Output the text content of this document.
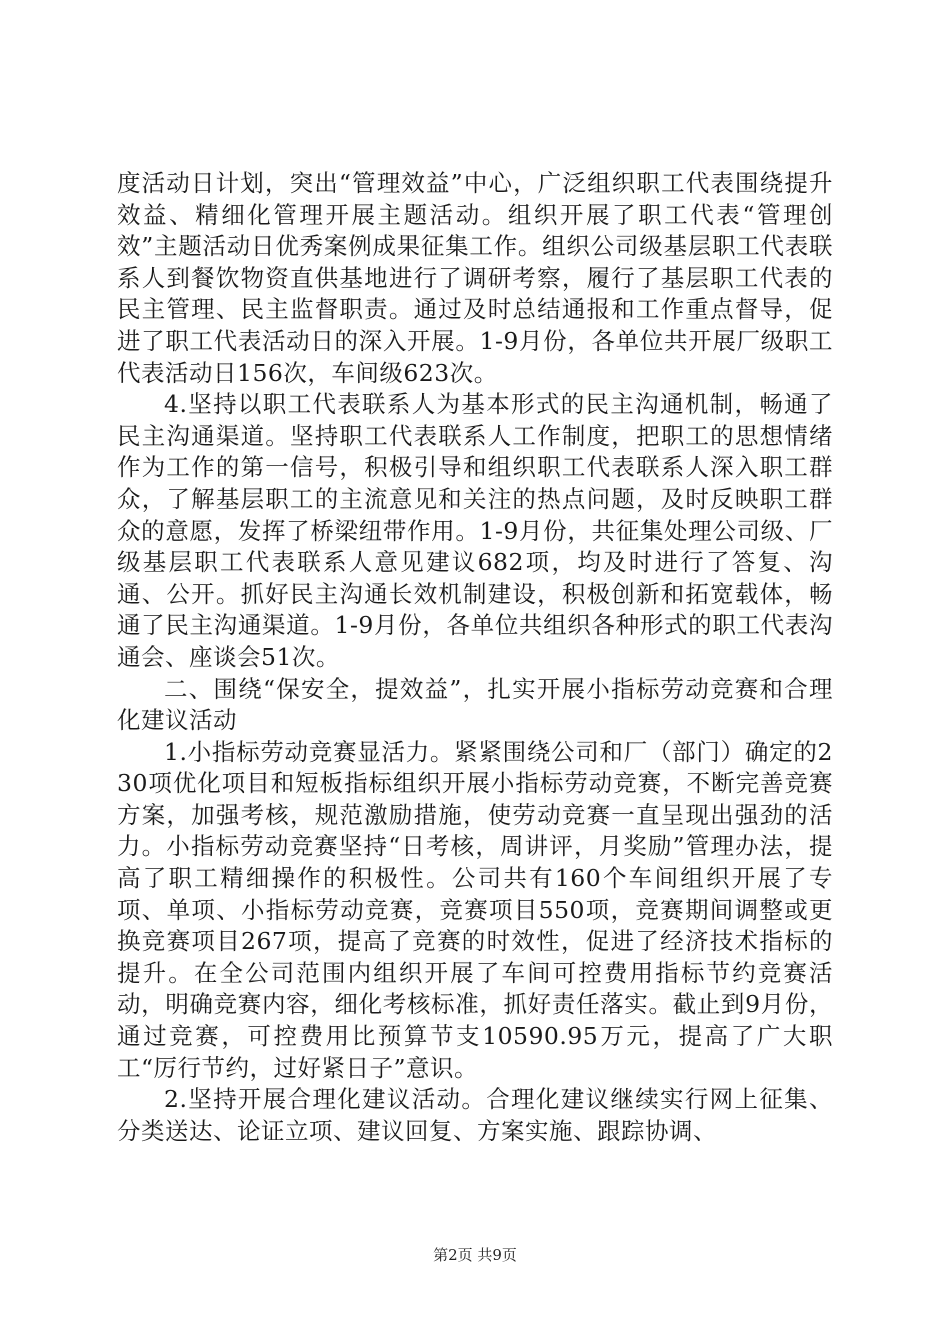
度活动日计划，突出“管理效益”中心，广泛组织职工代表围绕提升效益、精细化管理开展主题活动。组织开展了职工代表“管理创效”主题活动日优秀案例成果征集工作。组织公司级基层职工代表联系人到餐饮物资直供基地进行了调研考察，履行了基层职工代表的民主管理、民主监督职责。通过及时总结通报和工作重点督导，促进了职工代表活动日的深入开展。1-9月份，各单位共开展厂级职工代表活动日156次，车间级623次。

4.坚持以职工代表联系人为基本形式的民主沟通机制，畅通了民主沟通渠道。坚持职工代表联系人工作制度，把职工的思想情绪作为工作的第一信号，积极引导和组织职工代表联系人深入职工群众，了解基层职工的主流意见和关注的热点问题，及时反映职工群众的意愿，发挥了桥梁纽带作用。1-9月份，共征集处理公司级、厂级基层职工代表联系人意见建议682项，均及时进行了答复、沟通、公开。抓好民主沟通长效机制建设，积极创新和拓宽载体，畅通了民主沟通渠道。1-9月份，各单位共组织各种形式的职工代表沟通会、座谈会51次。

二、围绕“保安全，提效益”，扎实开展小指标劳动竞赛和合理化建议活动

1.小指标劳动竞赛显活力。紧紧围绕公司和厂（部门）确定的230项优化项目和短板指标组织开展小指标劳动竞赛，不断完善竞赛方案，加强考核，规范激励措施，使劳动竞赛一直呈现出强劲的活力。小指标劳动竞赛坚持“日考核，周讲评，月奖励”管理办法，提高了职工精细操作的积极性。公司共有160个车间组织开展了专项、单项、小指标劳动竞赛，竞赛项目550项，竞赛期间调整或更换竞赛项目267项，提高了竞赛的时效性，促进了经济技术指标的提升。在全公司范围内组织开展了车间可控费用指标节约竞赛活动，明确竞赛内容，细化考核标准，抓好责任落实。截止到9月份，通过竞赛，可控费用比预算节支10590.95万元，提高了广大职工“厉行节约，过好紧日子”意识。

2.坚持开展合理化建议活动。合理化建议继续实行网上征集、分类送达、论证立项、建议回复、方案实施、跟踪协调、

第2页 共9页
